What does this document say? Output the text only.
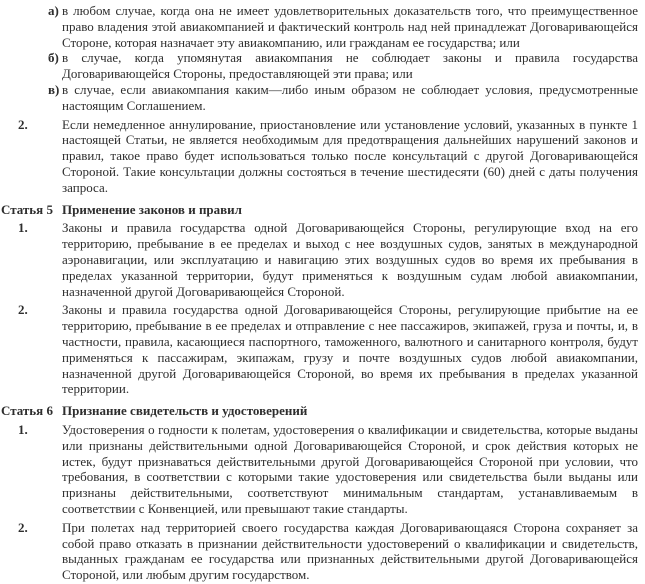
а) в любом случае, когда она не имеет удовлетворительных доказательств того, что преимущественное право владения этой авиакомпанией и фактический контроль над ней принадлежат Договаривающейся Стороне, которая назначает эту авиакомпанию, или гражданам ее государства; или

б) в случае, когда упомянутая авиакомпания не соблюдает законы и правила государства Договаривающейся Стороны, предоставляющей эти права; или

в) в случае, если авиакомпания каким—либо иным образом не соблюдает условия, предусмотренные настоящим Соглашением.

2.	Если немедленное аннулирование, приостановление или установление условий, указанных в пункте 1 настоящей Статьи, не является необходимым для предотвращения дальнейших нарушений законов и правил, такое право будет использоваться только после консультаций с другой Договаривающейся Стороной. Такие консультации должны состояться в течение шестидесяти (60) дней с даты получения запроса.

Статья 5 Применение законов и правил

1.	Законы и правила государства одной Договаривающейся Стороны, регулирующие вход на его территорию, пребывание в ее пределах и выход с нее воздушных судов, занятых в международной аэронавигации, или эксплуатацию и навигацию этих воздушных судов во время их пребывания в пределах указанной территории, будут применяться к воздушным судам любой авиакомпании, назначенной другой Договаривающейся Стороной.

2.	Законы и правила государства одной Договаривающейся Стороны, регулирующие прибытие на ее территорию, пребывание в ее пределах и отправление с нее пассажиров, экипажей, груза и почты, и, в частности, правила, касающиеся паспортного, таможенного, валютного и санитарного контроля, будут применяться к пассажирам, экипажам, грузу и почте воздушных судов любой авиакомпании, назначенной другой Договаривающейся Стороной, во время их пребывания в пределах указанной территории.

Статья 6 Признание свидетельств и удостоверений

1.	Удостоверения о годности к полетам, удостоверения о квалификации и свидетельства, которые выданы или признаны действительными одной Договаривающейся Стороной, и срок действия которых не истек, будут признаваться действительными другой Договаривающейся Стороной при условии, что требования, в соответствии с которыми такие удостоверения или свидетельства были выданы или признаны действительными, соответствуют минимальным стандартам, устанавливаемым в соответствии с Конвенцией, или превышают такие стандарты.

2.	При полетах над территорией своего государства каждая Договаривающаяся Сторона сохраняет за собой право отказать в признании действительности удостоверений о квалификации и свидетельств, выданных гражданам ее государства или признанных действительными другой Договаривающейся Стороной, или любым другим государством.
